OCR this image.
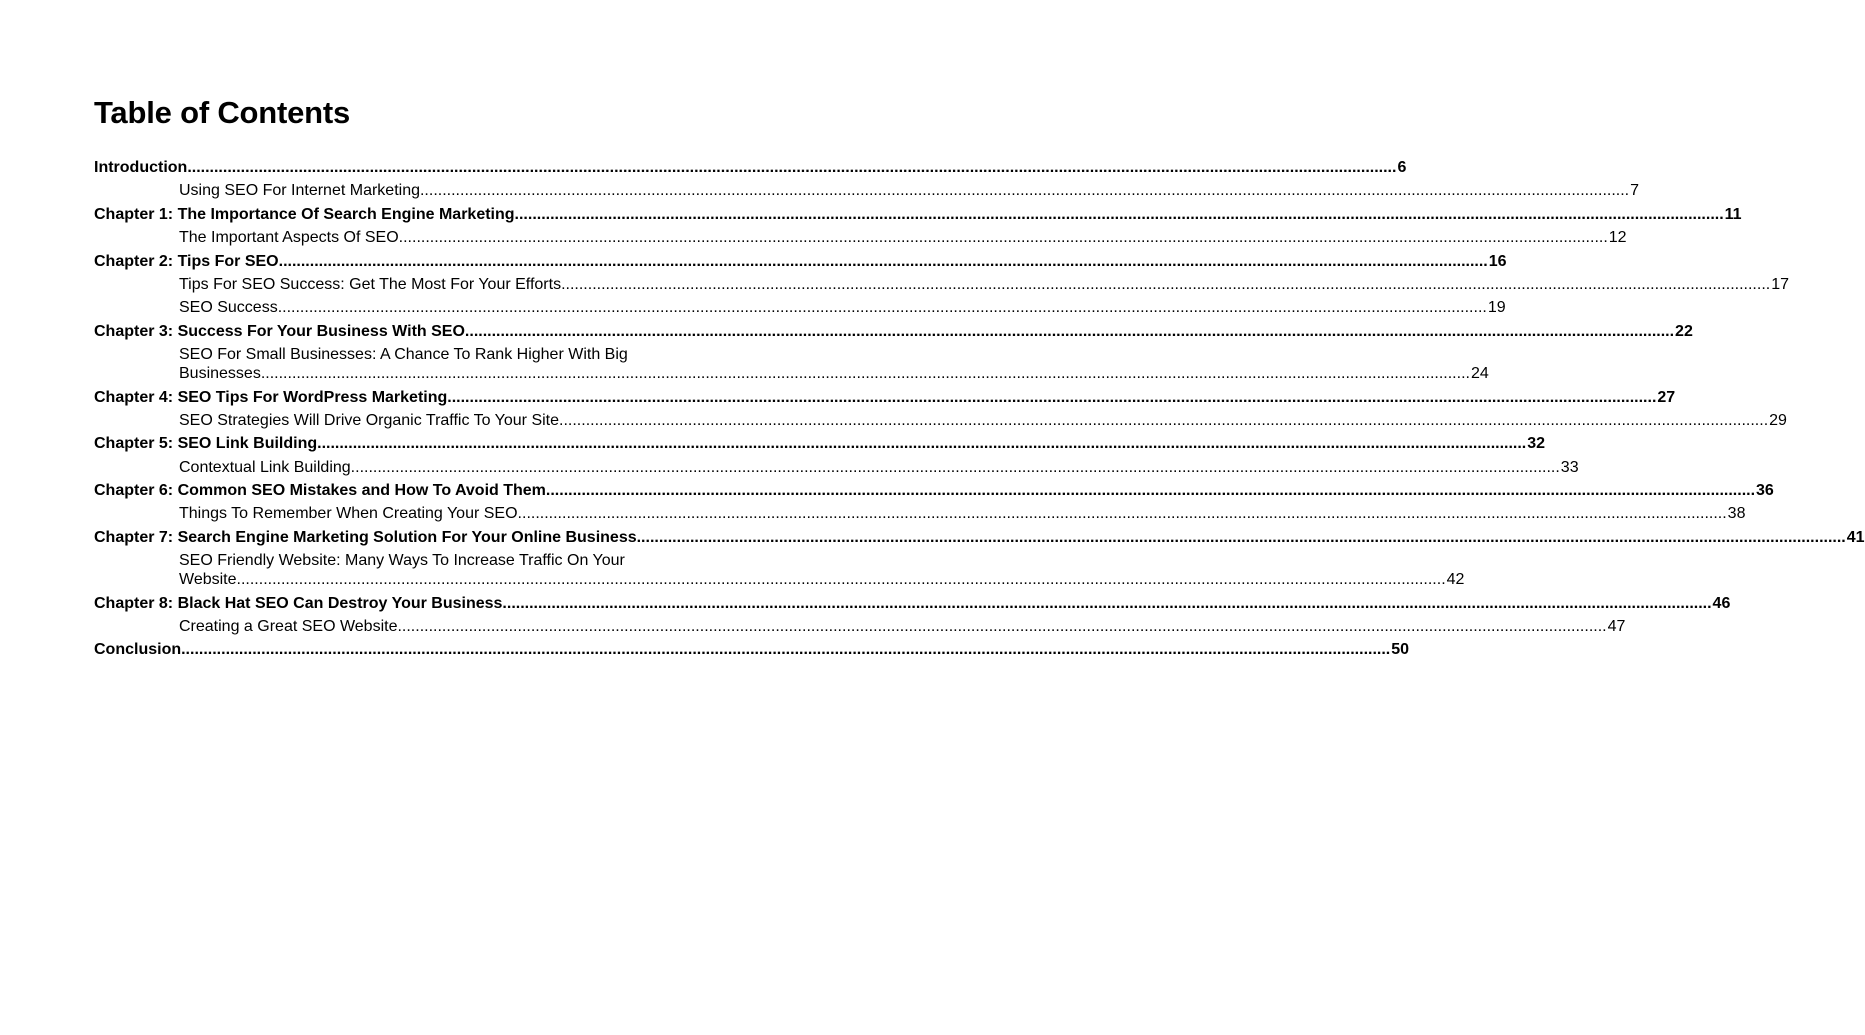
Table of Contents
Introduction .....	6
Using SEO For Internet Marketing .....	7
Chapter 1: The Importance Of Search Engine Marketing .....	11
The Important Aspects Of SEO .....	12
Chapter 2: Tips For SEO .....	16
Tips For SEO Success: Get The Most For Your Efforts .....	17
SEO Success .....	19
Chapter 3: Success For Your Business With SEO .....	22
SEO For Small Businesses: A Chance To Rank Higher With Big
Businesses .....	24
Chapter 4: SEO Tips For WordPress Marketing .....	27
SEO Strategies Will Drive Organic Traffic To Your Site .....	29
Chapter 5: SEO Link Building .....	32
Contextual Link Building .....	33
Chapter 6: Common SEO Mistakes and How To Avoid Them .....	36
Things To Remember When Creating Your SEO .....	38
Chapter 7: Search Engine Marketing Solution For Your Online Business .....	41
SEO Friendly Website: Many Ways To Increase Traffic On Your
Website .....	42
Chapter 8: Black Hat SEO Can Destroy Your Business .....	46
Creating a Great SEO Website .....	47
Conclusion .....	50
